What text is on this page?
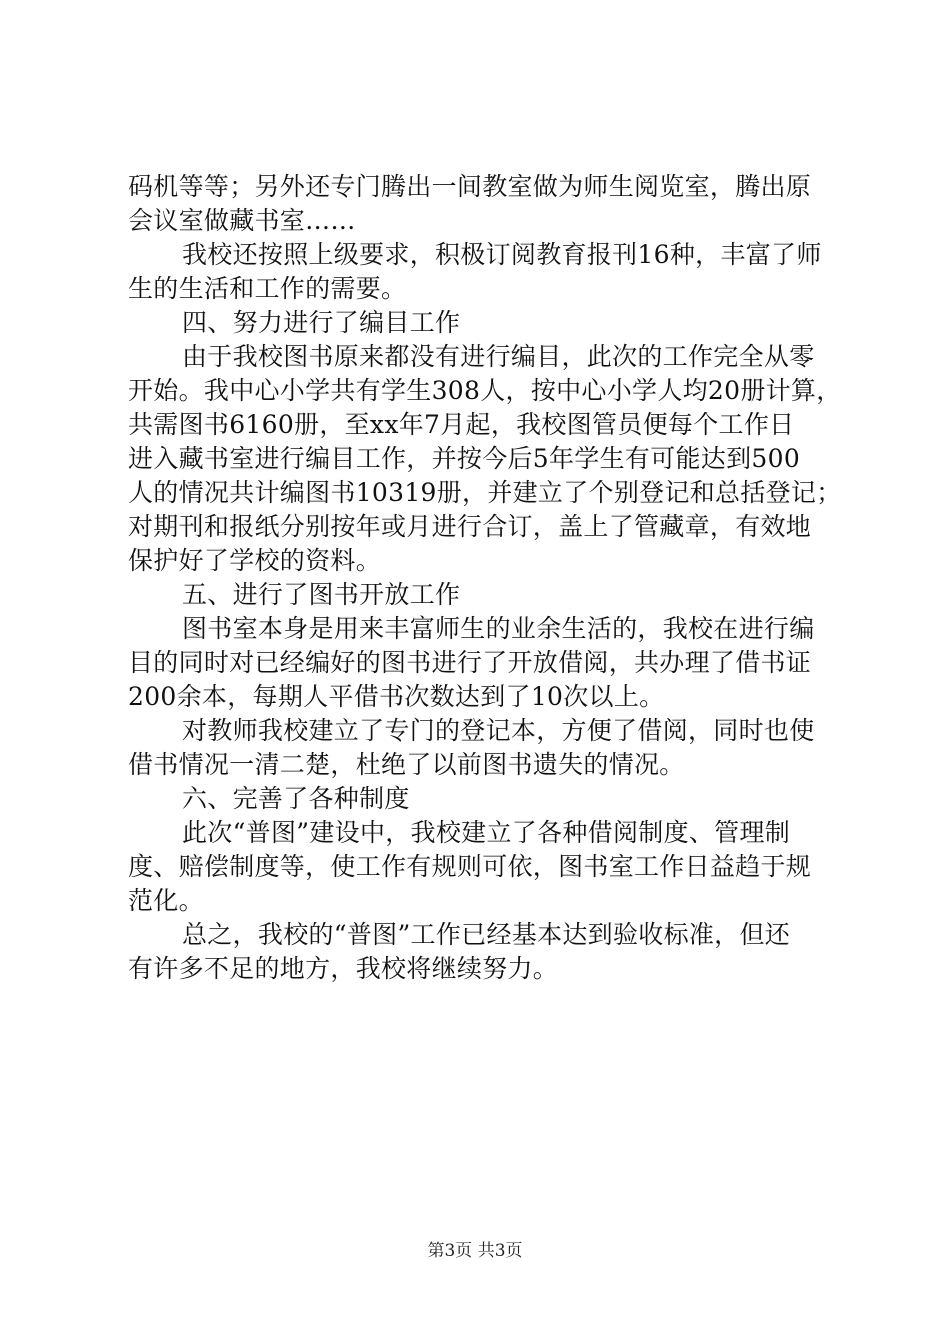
码机等等；另外还专门腾出一间教室做为师生阅览室，腾出原
会议室做藏书室……
我校还按照上级要求，积极订阅教育报刊16种，丰富了师
生的生活和工作的需要。
四、努力进行了编目工作
由于我校图书原来都没有进行编目，此次的工作完全从零
开始。我中心小学共有学生308人，按中心小学人均20册计算，
共需图书6160册，至xx年7月起，我校图管员便每个工作日
进入藏书室进行编目工作，并按今后5年学生有可能达到500
人的情况共计编图书10319册，并建立了个别登记和总括登记；
对期刊和报纸分别按年或月进行合订，盖上了管藏章，有效地
保护好了学校的资料。
五、进行了图书开放工作
图书室本身是用来丰富师生的业余生活的，我校在进行编
目的同时对已经编好的图书进行了开放借阅，共办理了借书证
200余本，每期人平借书次数达到了10次以上。
对教师我校建立了专门的登记本，方便了借阅，同时也使
借书情况一清二楚，杜绝了以前图书遗失的情况。
六、完善了各种制度
此次“普图”建设中，我校建立了各种借阅制度、管理制
度、赔偿制度等，使工作有规则可依，图书室工作日益趋于规
范化。
总之，我校的“普图”工作已经基本达到验收标准，但还
有许多不足的地方，我校将继续努力。
第3页 共3页
